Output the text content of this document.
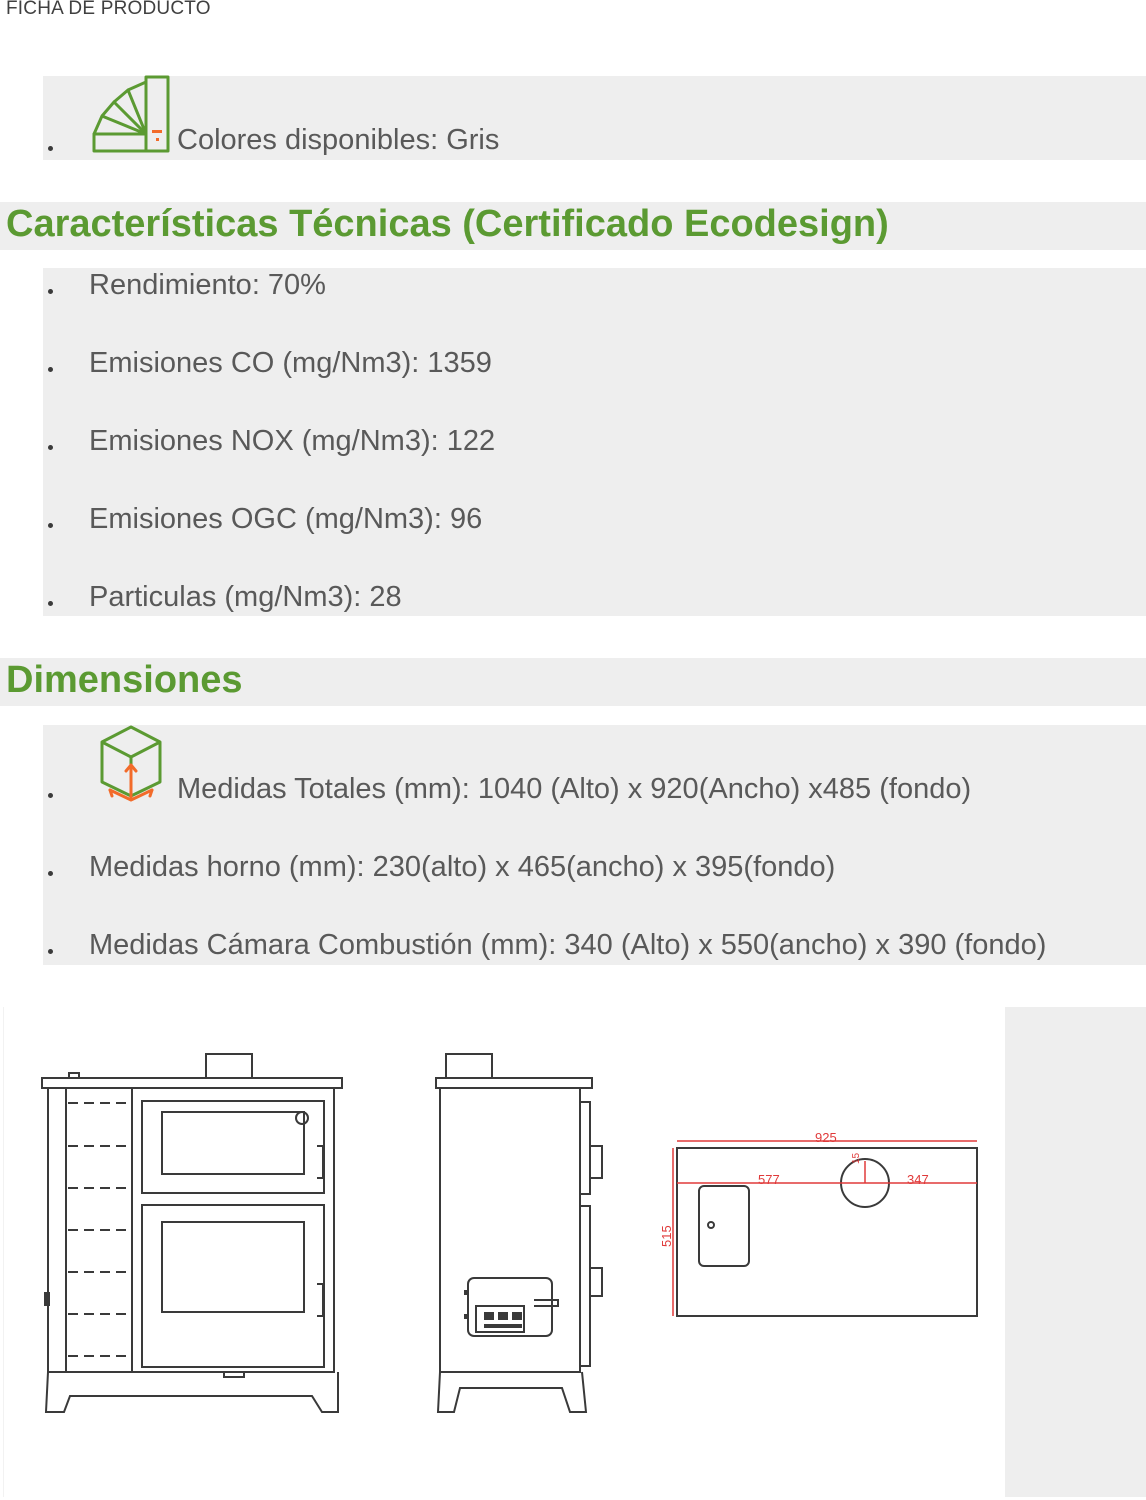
FICHA DE PRODUCTO
Colores disponibles: Gris
Características Técnicas (Certificado Ecodesign)
Rendimiento: 70%
Emisiones CO (mg/Nm3): 1359
Emisiones NOX (mg/Nm3): 122
Emisiones OGC (mg/Nm3): 96
Particulas (mg/Nm3): 28
Dimensiones
Medidas Totales (mm): 1040 (Alto) x 920(Ancho) x485 (fondo)
Medidas horno (mm): 230(alto) x 465(ancho) x 395(fondo)
Medidas Cámara Combustión (mm): 340 (Alto) x 550(ancho) x 390 (fondo)
925
577	347
15
515
